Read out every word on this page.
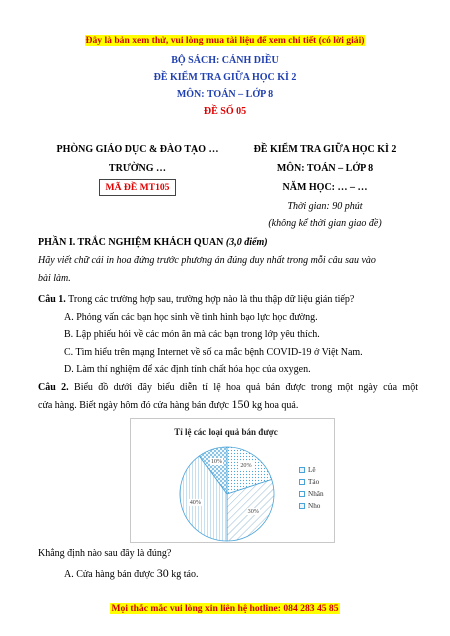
Đây là bản xem thử, vui lòng mua tài liệu để xem chi tiết (có lời giải)
BỘ SÁCH: CÁNH DIỀU
ĐỀ KIỂM TRA GIỮA HỌC KÌ 2
MÔN: TOÁN – LỚP 8
ĐỀ SỐ 05
PHÒNG GIÁO DỤC & ĐÀO TẠO …
TRƯỜNG …
MÃ ĐỀ MT105
ĐỀ KIỂM TRA GIỮA HỌC KÌ 2
MÔN: TOÁN – LỚP 8
NĂM HỌC: … – …
Thời gian: 90 phút
(không kể thời gian giao đề)
PHẦN I. TRẮC NGHIỆM KHÁCH QUAN (3,0 điểm)
Hãy viết chữ cái in hoa đứng trước phương án đúng duy nhất trong mỗi câu sau vào
bài làm.
Câu 1. Trong các trường hợp sau, trường hợp nào là thu thập dữ liệu gián tiếp?
A. Phỏng vấn các bạn học sinh về tình hình bạo lực học đường.
B. Lập phiếu hỏi về các món ăn mà các bạn trong lớp yêu thích.
C. Tìm hiểu trên mạng Internet về số ca mắc bệnh COVID-19 ở Việt Nam.
D. Làm thí nghiệm để xác định tính chất hóa học của oxygen.
Câu 2. Biểu đồ dưới đây biểu diễn tỉ lệ hoa quả bán được trong một ngày của một
cửa hàng. Biết ngày hôm đó cửa hàng bán được 150 kg hoa quả.
Tỉ lệ các loại quả bán được
Lê
Táo
Nhãn
Nho
20%
30%
40%
10%
Khẳng định nào sau đây là đúng?
A. Cửa hàng bán được 30 kg táo.
Mọi thắc mắc vui lòng xin liên hệ hotline: 084 283 45 85
